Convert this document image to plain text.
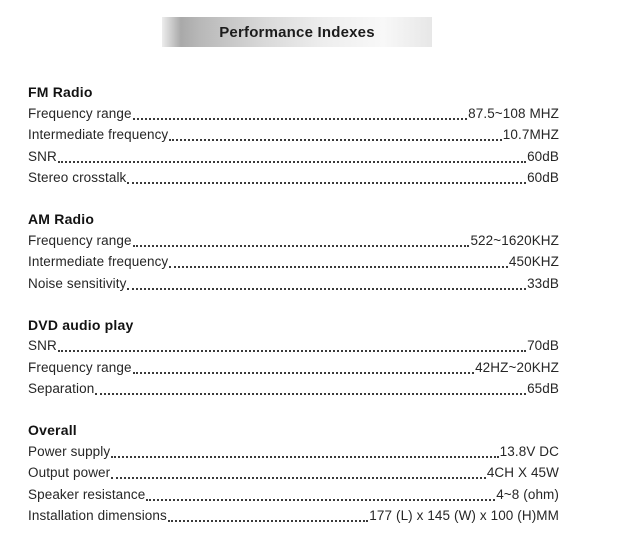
Performance Indexes
FM Radio
Frequency range	87.5~108 MHZ
Intermediate frequency	10.7MHZ
SNR	60dB
Stereo crosstalk	60dB
AM Radio
Frequency range	522~1620KHZ
Intermediate frequency	450KHZ
Noise sensitivity	33dB
DVD audio play
SNR	70dB
Frequency range	42HZ~20KHZ
Separation	65dB
Overall
Power supply	13.8V DC
Output power	4CH X 45W
Speaker resistance	4~8 (ohm)
Installation dimensions	177 (L) x 145 (W) x 100 (H)MM
